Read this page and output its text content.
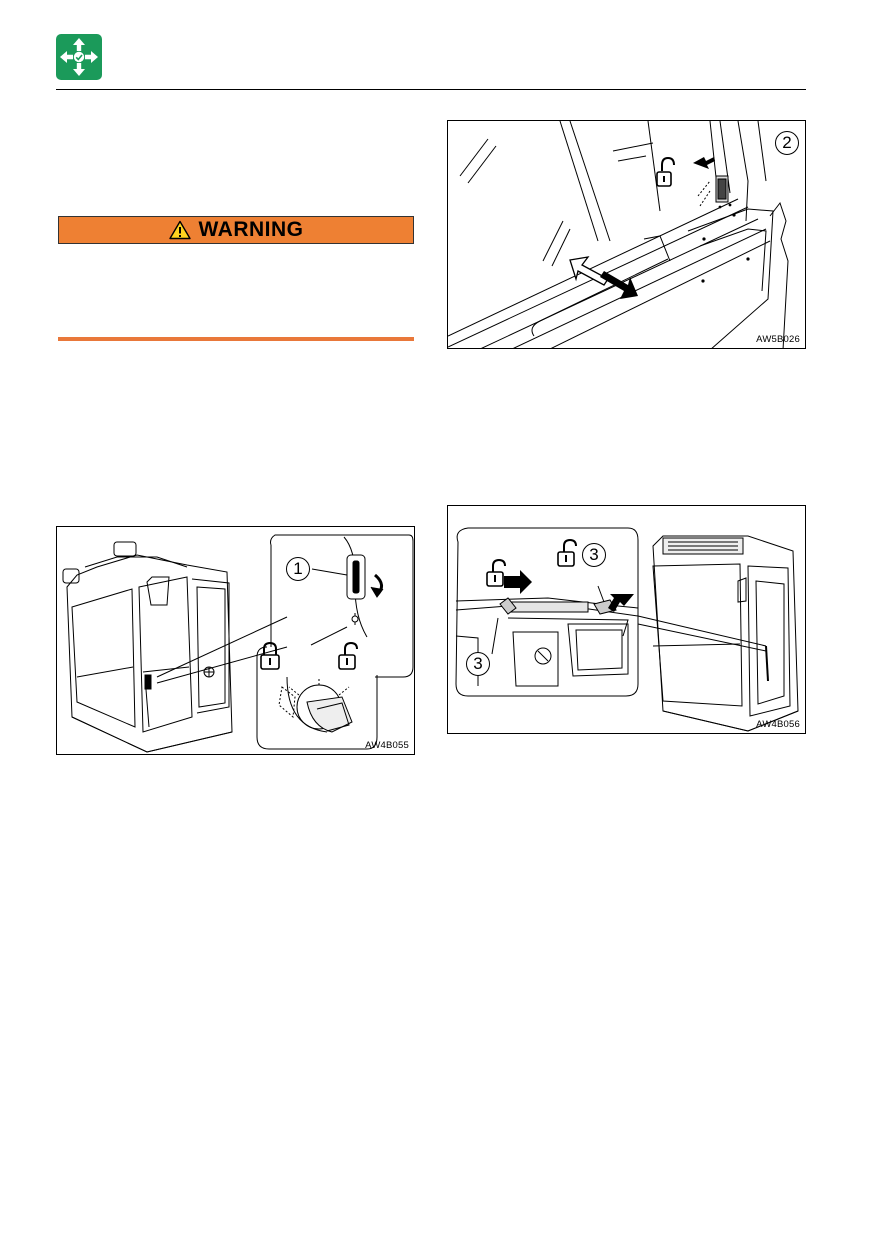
WARNING
2
AW5B026
1
AW4B055
3
3
AW4B056
